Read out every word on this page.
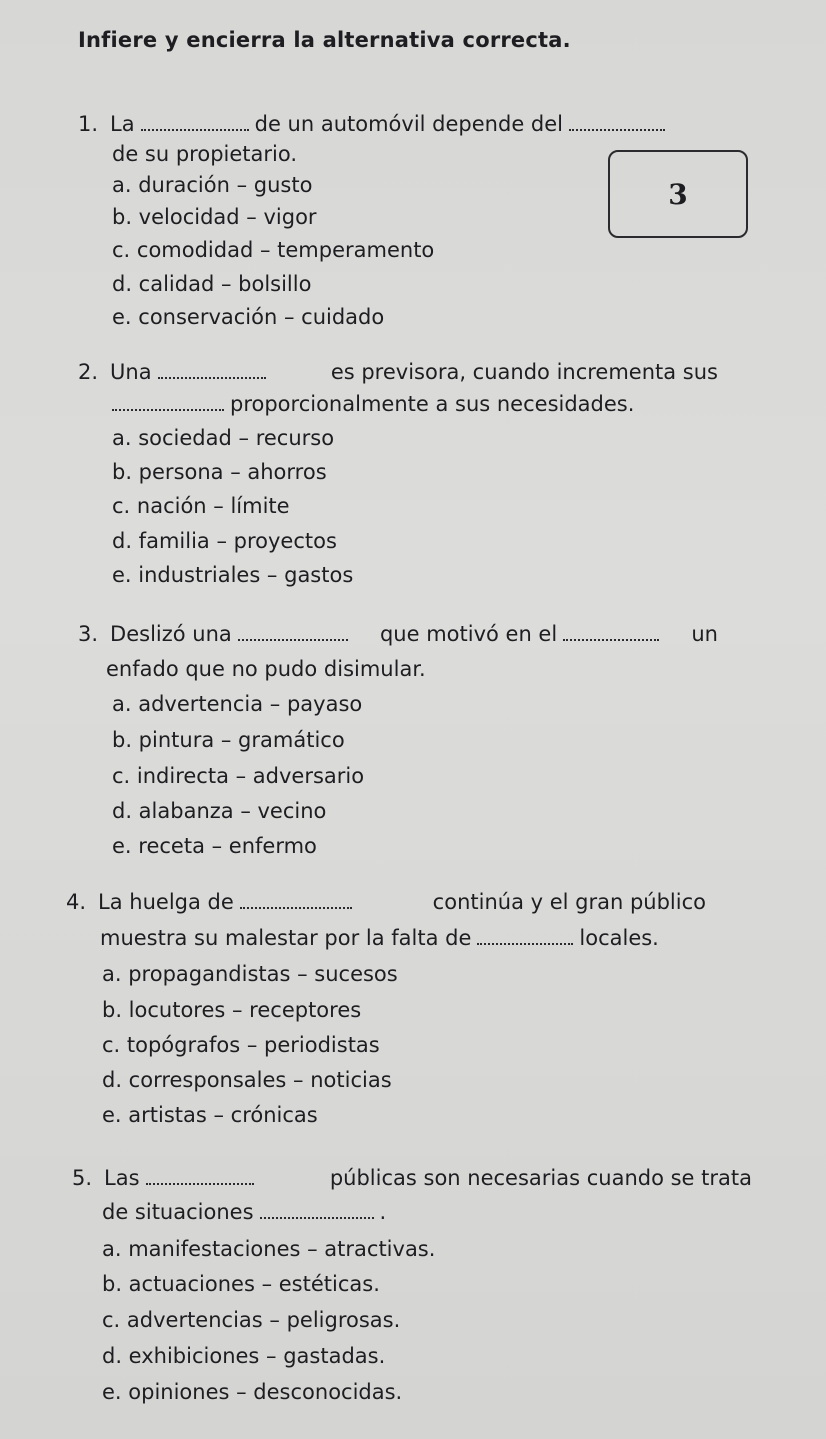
Infiere y encierra la alternativa correcta.
1. La	de un automóvil depende del
de su propietario.
3
a. duración – gusto
b. velocidad – vigor
c. comodidad – temperamento
d. calidad – bolsillo
e. conservación – cuidado
2. Una	es previsora, cuando incrementa sus
proporcionalmente a sus necesidades.
a. sociedad – recurso
b. persona – ahorros
c. nación – límite
d. familia – proyectos
e. industriales – gastos
3. Deslizó una	que motivó en el	un
enfado que no pudo disimular.
a. advertencia – payaso
b. pintura – gramático
c. indirecta – adversario
d. alabanza – vecino
e. receta – enfermo
4. La huelga de	continúa y el gran público
muestra su malestar por la falta de	locales.
a. propagandistas – sucesos
b. locutores – receptores
c. topógrafos – periodistas
d. corresponsales – noticias
e. artistas – crónicas
5. Las	públicas son necesarias cuando se trata
de situaciones	.
a. manifestaciones – atractivas.
b. actuaciones – estéticas.
c. advertencias – peligrosas.
d. exhibiciones – gastadas.
e. opiniones – desconocidas.
